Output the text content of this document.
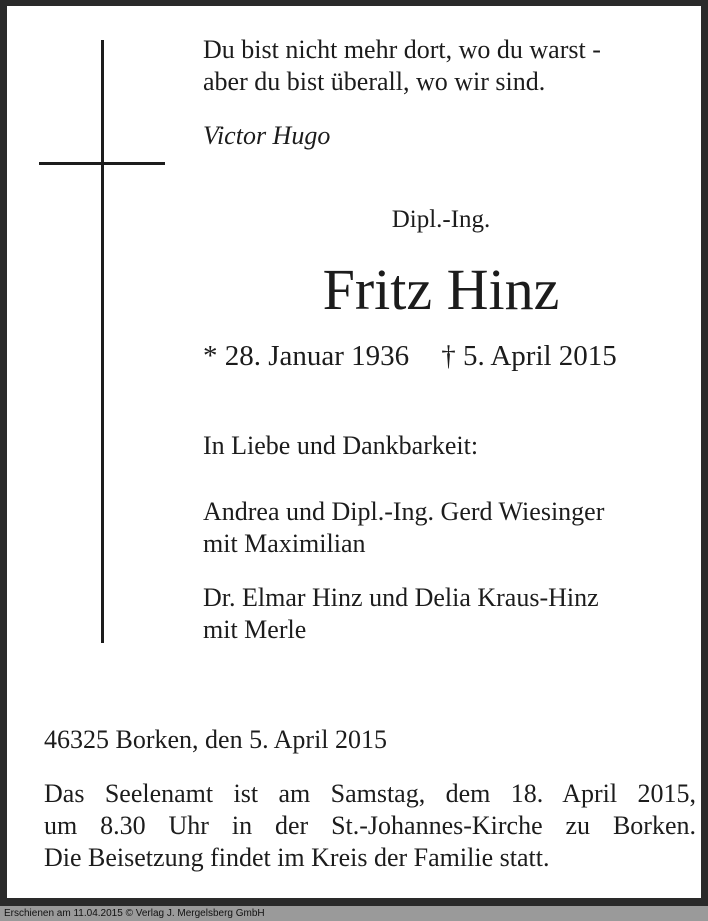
Du bist nicht mehr dort, wo du warst -
aber du bist überall, wo wir sind.
Victor Hugo
Dipl.-Ing.
Fritz Hinz
* 28. Januar 1936 † 5. April 2015
In Liebe und Dankbarkeit:
Andrea und Dipl.-Ing. Gerd Wiesinger
mit Maximilian
Dr. Elmar Hinz und Delia Kraus-Hinz
mit Merle
46325 Borken, den 5. April 2015
Das Seelenamt ist am Samstag, dem 18. April 2015,
um 8.30 Uhr in der St.-Johannes-Kirche zu Borken.
Die Beisetzung findet im Kreis der Familie statt.
Erschienen am 11.04.2015 © Verlag J. Mergelsberg GmbH
